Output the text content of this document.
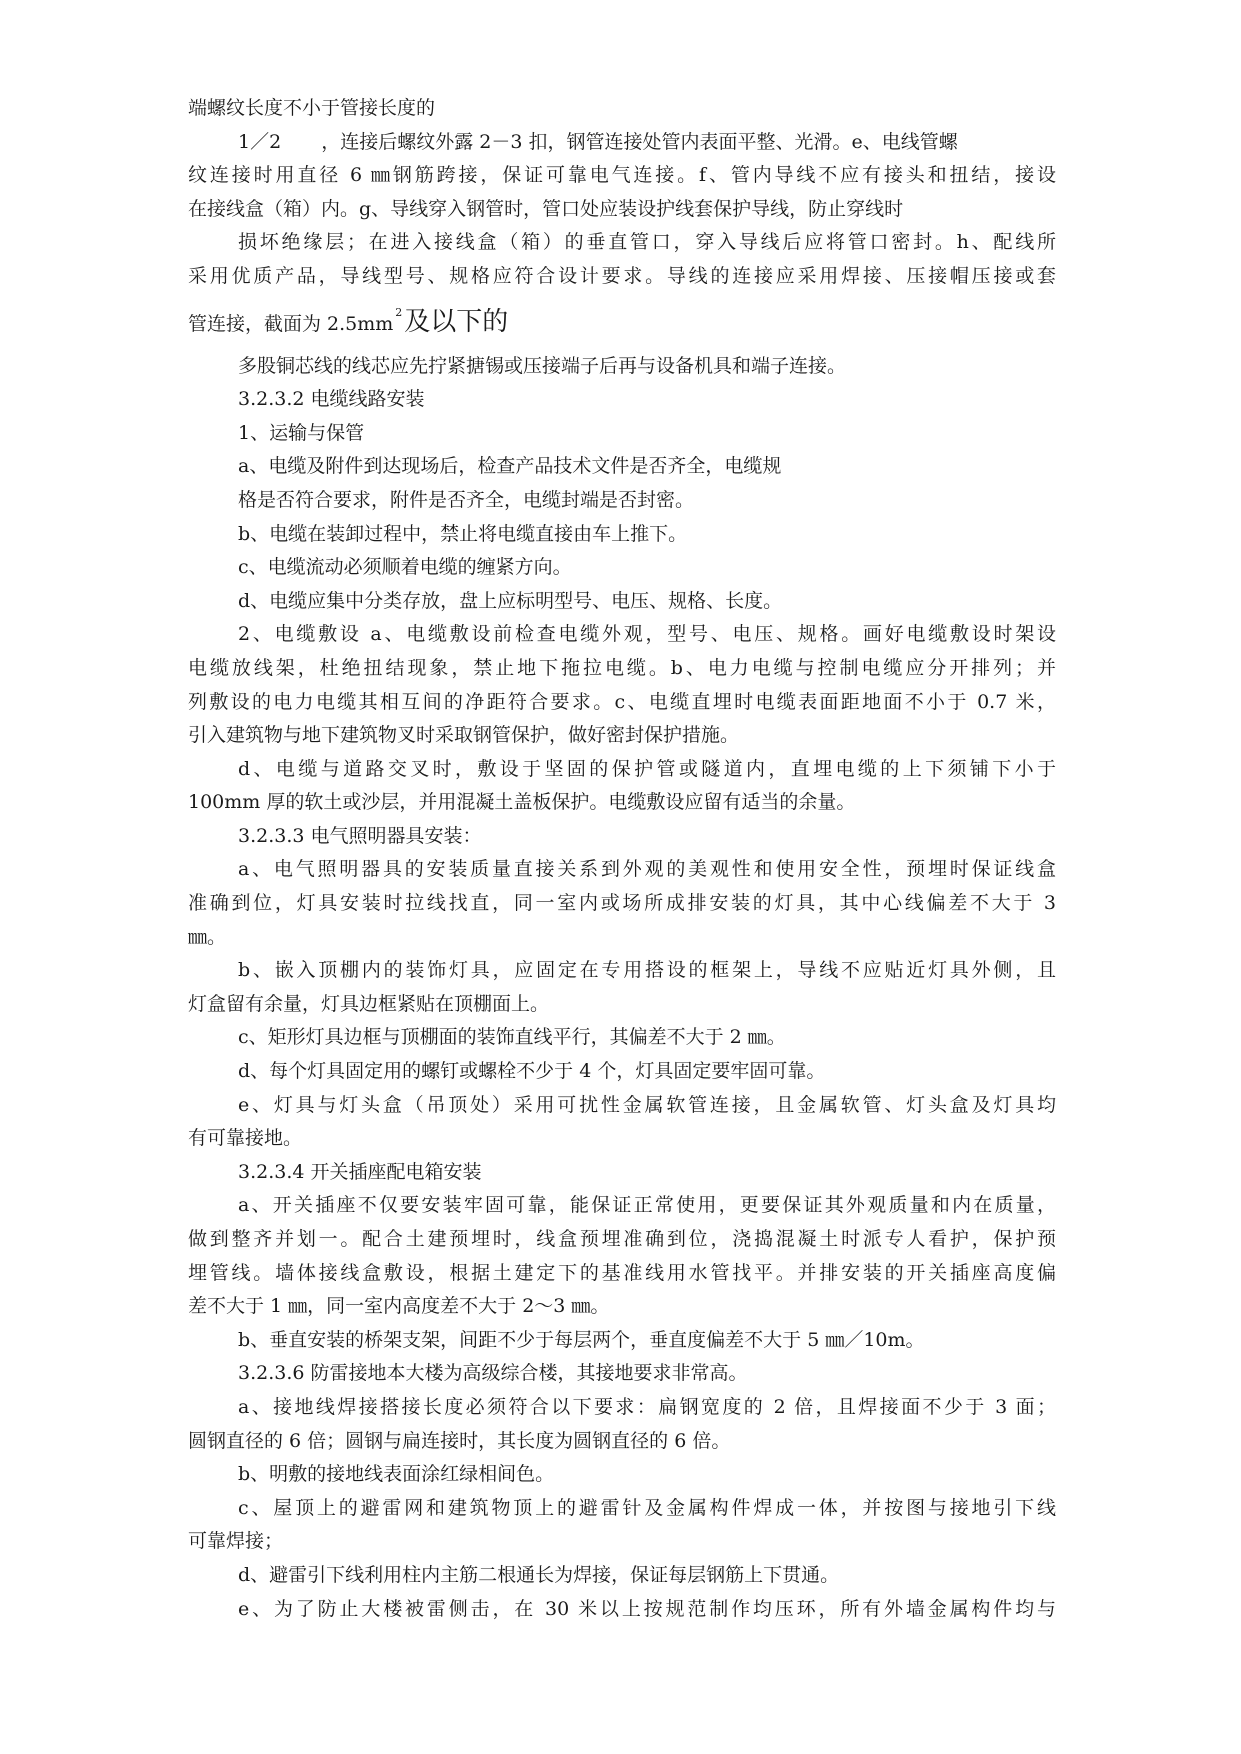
端螺纹长度不小于管接长度的
1／2 ，连接后螺纹外露 2－3 扣，钢管连接处管内表面平整、光滑。e、电线管螺
纹连接时用直径 6 ㎜钢筋跨接，保证可靠电气连接。f、管内导线不应有接头和扭结，接设
在接线盒（箱）内。g、导线穿入钢管时，管口处应装设护线套保护导线，防止穿线时
损坏绝缘层；在进入接线盒（箱）的垂直管口，穿入导线后应将管口密封。h、配线所
采用优质产品，导线型号、规格应符合设计要求。导线的连接应采用焊接、压接帽压接或套
管连接，截面为 $2.5mm^2$及以下的
多股铜芯线的线芯应先拧紧搪锡或压接端子后再与设备机具和端子连接。
3.2.3.2 电缆线路安装
1、运输与保管
a、电缆及附件到达现场后，检查产品技术文件是否齐全，电缆规
格是否符合要求，附件是否齐全，电缆封端是否封密。
b、电缆在装卸过程中，禁止将电缆直接由车上推下。
c、电缆流动必须顺着电缆的缠紧方向。
d、电缆应集中分类存放，盘上应标明型号、电压、规格、长度。
2、电缆敷设 a、电缆敷设前检查电缆外观，型号、电压、规格。画好电缆敷设时架设
电缆放线架，杜绝扭结现象，禁止地下拖拉电缆。b、电力电缆与控制电缆应分开排列；并
列敷设的电力电缆其相互间的净距符合要求。c、电缆直埋时电缆表面距地面不小于 0.7 米，
引入建筑物与地下建筑物叉时采取钢管保护，做好密封保护措施。
d、电缆与道路交叉时，敷设于坚固的保护管或隧道内，直埋电缆的上下须铺下小于
100mm 厚的软土或沙层，并用混凝土盖板保护。电缆敷设应留有适当的余量。
3.2.3.3 电气照明器具安装：
a、电气照明器具的安装质量直接关系到外观的美观性和使用安全性，预埋时保证线盒
准确到位，灯具安装时拉线找直，同一室内或场所成排安装的灯具，其中心线偏差不大于 3
㎜。
b、嵌入顶棚内的装饰灯具，应固定在专用搭设的框架上，导线不应贴近灯具外侧，且
灯盒留有余量，灯具边框紧贴在顶棚面上。
c、矩形灯具边框与顶棚面的装饰直线平行，其偏差不大于 2 ㎜。
d、每个灯具固定用的螺钉或螺栓不少于 4 个，灯具固定要牢固可靠。
e、灯具与灯头盒（吊顶处）采用可扰性金属软管连接，且金属软管、灯头盒及灯具均
有可靠接地。
3.2.3.4 开关插座配电箱安装
a、开关插座不仅要安装牢固可靠，能保证正常使用，更要保证其外观质量和内在质量，
做到整齐并划一。配合土建预埋时，线盒预埋准确到位，浇捣混凝土时派专人看护，保护预
埋管线。墙体接线盒敷设，根据土建定下的基准线用水管找平。并排安装的开关插座高度偏
差不大于 1 ㎜，同一室内高度差不大于 2～3 ㎜。
b、垂直安装的桥架支架，间距不少于每层两个，垂直度偏差不大于 5 ㎜／10m。
3.2.3.6 防雷接地本大楼为高级综合楼，其接地要求非常高。
a、接地线焊接搭接长度必须符合以下要求：扁钢宽度的 2 倍，且焊接面不少于 3 面；
圆钢直径的 6 倍；圆钢与扁连接时，其长度为圆钢直径的 6 倍。
b、明敷的接地线表面涂红绿相间色。
c、屋顶上的避雷网和建筑物顶上的避雷针及金属构件焊成一体，并按图与接地引下线
可靠焊接；
d、避雷引下线利用柱内主筋二根通长为焊接，保证每层钢筋上下贯通。
e、为了防止大楼被雷侧击，在 30 米以上按规范制作均压环，所有外墙金属构件均与
